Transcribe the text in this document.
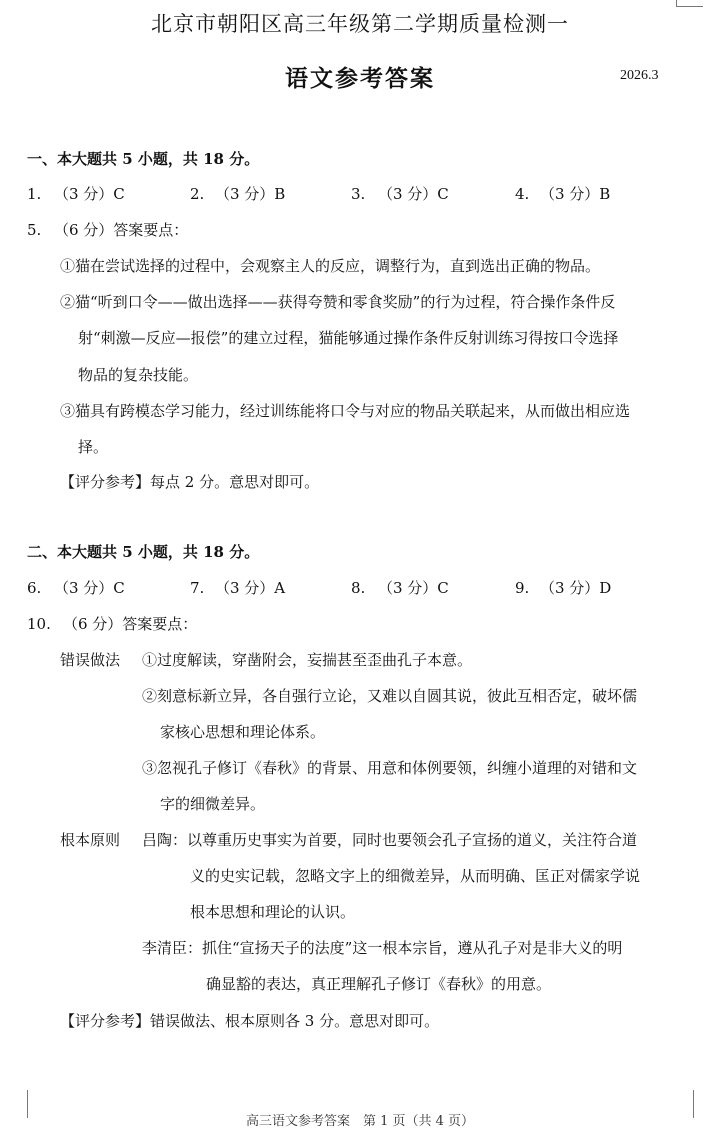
北京市朝阳区高三年级第二学期质量检测一
语文参考答案	2026.3
一、本大题共 5 小题，共 18 分。
1. （3 分）C	2. （3 分）B	3. （3 分）C	4. （3 分）B
5. （6 分）答案要点：
①猫在尝试选择的过程中，会观察主人的反应，调整行为，直到选出正确的物品。
②猫“听到口令——做出选择——获得夸赞和零食奖励”的行为过程，符合操作条件反
射“刺激—反应—报偿”的建立过程，猫能够通过操作条件反射训练习得按口令选择
物品的复杂技能。
③猫具有跨模态学习能力，经过训练能将口令与对应的物品关联起来，从而做出相应选
择。
【评分参考】每点 2 分。意思对即可。
二、本大题共 5 小题，共 18 分。
6. （3 分）C	7. （3 分）A	8. （3 分）C	9. （3 分）D
10. （6 分）答案要点：
错误做法 ①过度解读，穿凿附会，妄揣甚至歪曲孔子本意。
②刻意标新立异，各自强行立论，又难以自圆其说，彼此互相否定，破坏儒
家核心思想和理论体系。
③忽视孔子修订《春秋》的背景、用意和体例要领，纠缠小道理的对错和文
字的细微差异。
根本原则 吕陶：以尊重历史事实为首要，同时也要领会孔子宣扬的道义，关注符合道
义的史实记载，忽略文字上的细微差异，从而明确、匡正对儒家学说
根本思想和理论的认识。
李清臣：抓住“宣扬天子的法度”这一根本宗旨，遵从孔子对是非大义的明
确显豁的表达，真正理解孔子修订《春秋》的用意。
【评分参考】错误做法、根本原则各 3 分。意思对即可。
高三语文参考答案　第 1 页（共 4 页）
